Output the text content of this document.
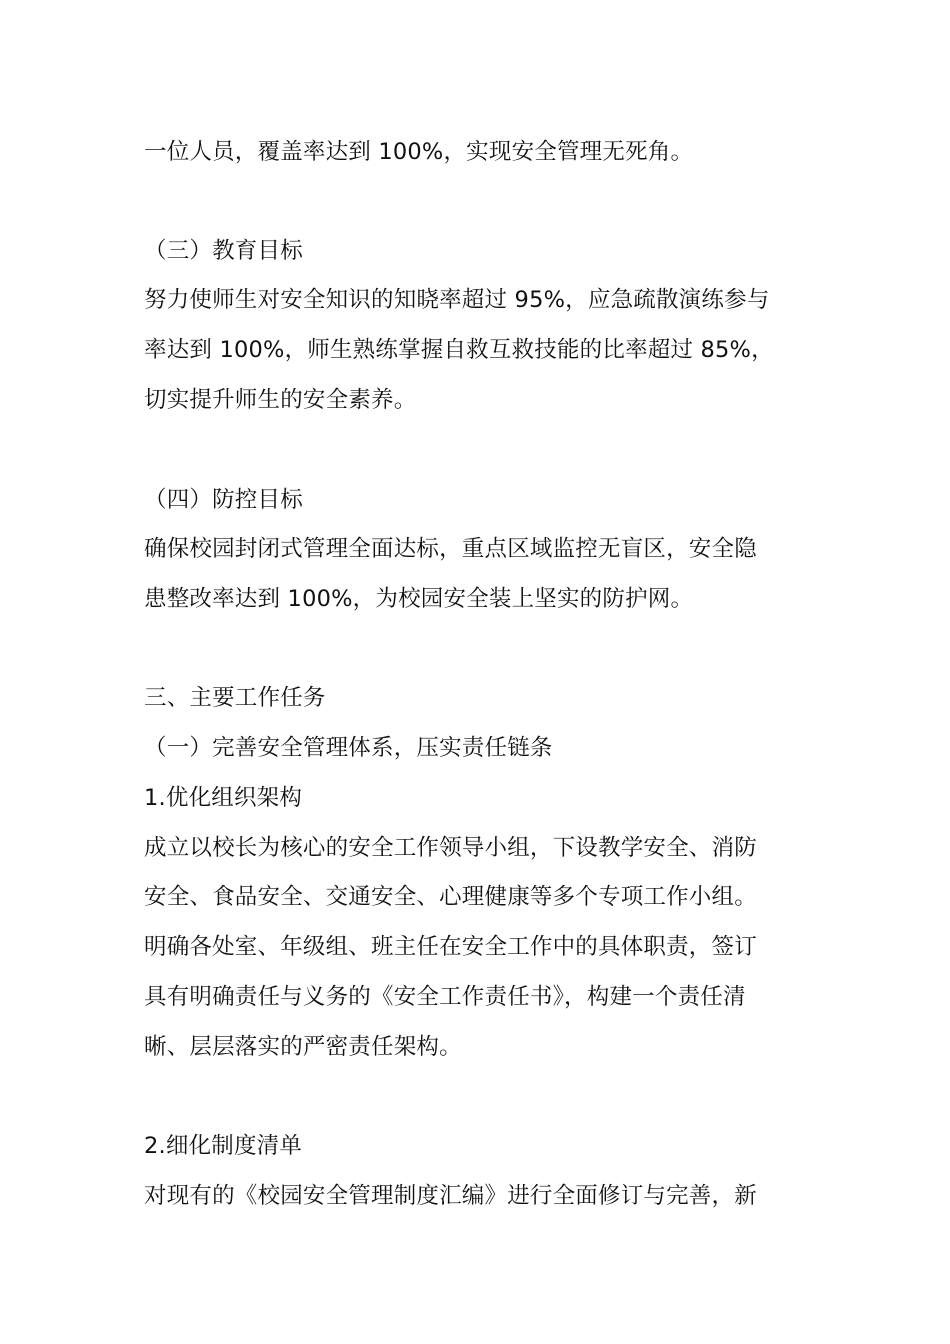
一位人员，覆盖率达到 100%，实现安全管理无死角。
（三）教育目标
努力使师生对安全知识的知晓率超过 95%，应急疏散演练参与
率达到 100%，师生熟练掌握自救互救技能的比率超过 85%，
切实提升师生的安全素养。
（四）防控目标
确保校园封闭式管理全面达标，重点区域监控无盲区，安全隐
患整改率达到 100%，为校园安全装上坚实的防护网。
三、主要工作任务
（一）完善安全管理体系，压实责任链条
1.优化组织架构
成立以校长为核心的安全工作领导小组，下设教学安全、消防
安全、食品安全、交通安全、心理健康等多个专项工作小组。
明确各处室、年级组、班主任在安全工作中的具体职责，签订
具有明确责任与义务的《安全工作责任书》，构建一个责任清
晰、层层落实的严密责任架构。
2.细化制度清单
对现有的《校园安全管理制度汇编》进行全面修订与完善，新
